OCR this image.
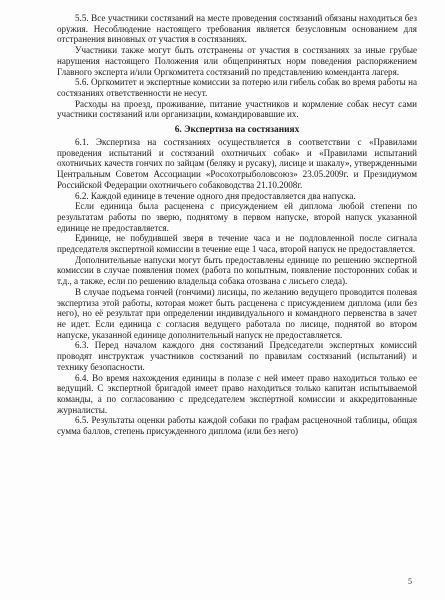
5.5. Все участники состязаний на месте проведения состязаний обязаны находиться без оружия. Несоблюдение настоящего требования является безусловным основанием для отстранения виновных от участия в состязаниях.

Участники также могут быть отстранены от участия в состязаниях за иные грубые нарушения настоящего Положения или общепринятых норм поведения распоряжением Главного эксперта и/или Оргкомитета состязаний по представлению коменданта лагеря.

5.6. Оргкомитет и экспертные комиссии за потерю или гибель собак во время работы на состязаниях ответственности не несут.

Расходы на проезд, проживание, питание участников и кормление собак несут сами участники состязаний или организации, командировавшие их.

6. Экспертиза на состязаниях

6.1. Экспертиза на состязаниях осуществляется в соответствии с «Правилами проведения испытаний и состязаний охотничьих собак» и «Правилами испытаний охотничьих качеств гончих по зайцам (беляку и русаку), лисице и шакалу», утвержденными Центральным Советом Ассоциации «Росохотрыболовсоюз» 23.05.2009г. и Президиумом Российской Федерации охотничьего собаководства 21.10.2008г.

6.2. Каждой единице в течение одного дня предоставляется два напуска.

Если единица была расценена с присуждением ей диплома любой степени по результатам работы по зверю, поднятому в первом напуске, второй напуск указанной единице не предоставляется.

Единице, не побудившей зверя в течение часа и не подловленной после сигнала председателя экспертной комиссии в течение еще 1 часа, второй напуск не предоставляется.

Дополнительные напуски могут быть предоставлены единице по решению экспертной комиссии в случае появления помех (работа по копытным, появление посторонних собак и т.д., а также, если по решению владельца собака отозвана с лисьего следа).

В случае подъема гончей (гончими) лисицы, по желанию ведущего проводится полевая экспертиза этой работы, которая может быть расценена с присуждением диплома (или без него), но её результат при определении индивидуального и командного первенства в зачет не идет. Если единица с согласия ведущего работала по лисице, поднятой во втором напуске, указанной единице дополнительный напуск не предоставляется.

6.3. Перед началом каждого дня состязаний Председатели экспертных комиссий проводят инструктаж участников состязаний по правилам состязаний (испытаний) и технику безопасности.

6.4. Во время нахождения единицы в полазе с ней имеет право находиться только ее ведущий. С экспертной бригадой имеет право находиться только капитан испытываемой команды, а по согласованию с председателем экспертной комиссии и аккредитованные журналисты.

6.5. Результаты оценки работы каждой собаки по графам расценочной таблицы, общая сумма баллов, степень присужденного диплома (или без него)

5
